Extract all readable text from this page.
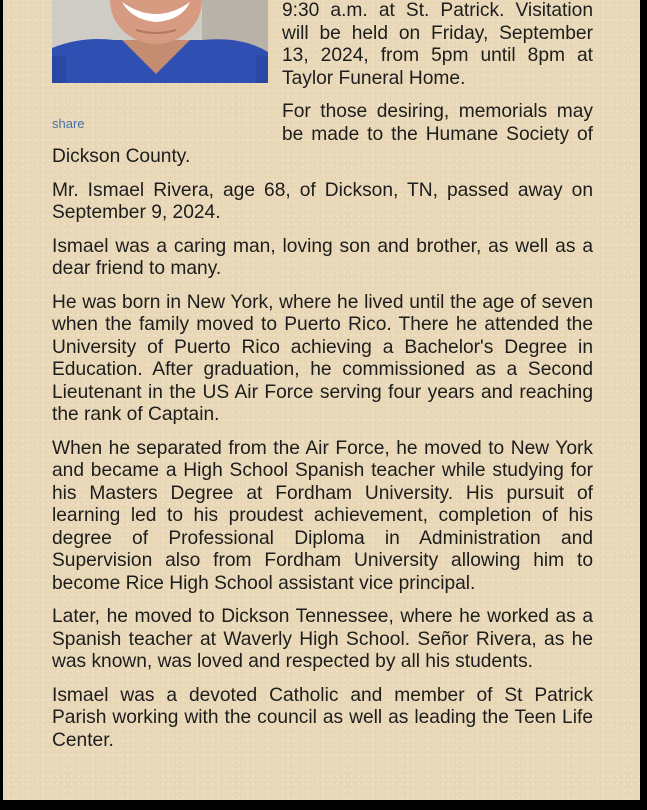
share

9:30 a.m. at St. Patrick. Visitation will be held on Friday, September 13, 2024, from 5pm until 8pm at Taylor Funeral Home.

For those desiring, memorials may be made to the Humane Society of Dickson County.

Mr. Ismael Rivera, age 68, of Dickson, TN, passed away on September 9, 2024.

Ismael was a caring man, loving son and brother, as well as a dear friend to many.

He was born in New York, where he lived until the age of seven when the family moved to Puerto Rico. There he attended the University of Puerto Rico achieving a Bachelor's Degree in Education. After graduation, he commissioned as a Second Lieutenant in the US Air Force serving four years and reaching the rank of Captain.

When he separated from the Air Force, he moved to New York and became a High School Spanish teacher while studying for his Masters Degree at Fordham University. His pursuit of learning led to his proudest achievement, completion of his degree of Professional Diploma in Administration and Supervision also from Fordham University allowing him to become Rice High School assistant vice principal.

Later, he moved to Dickson Tennessee, where he worked as a Spanish teacher at Waverly High School. Señor Rivera, as he was known, was loved and respected by all his students.

Ismael was a devoted Catholic and member of St Patrick Parish working with the council as well as leading the Teen Life Center.
